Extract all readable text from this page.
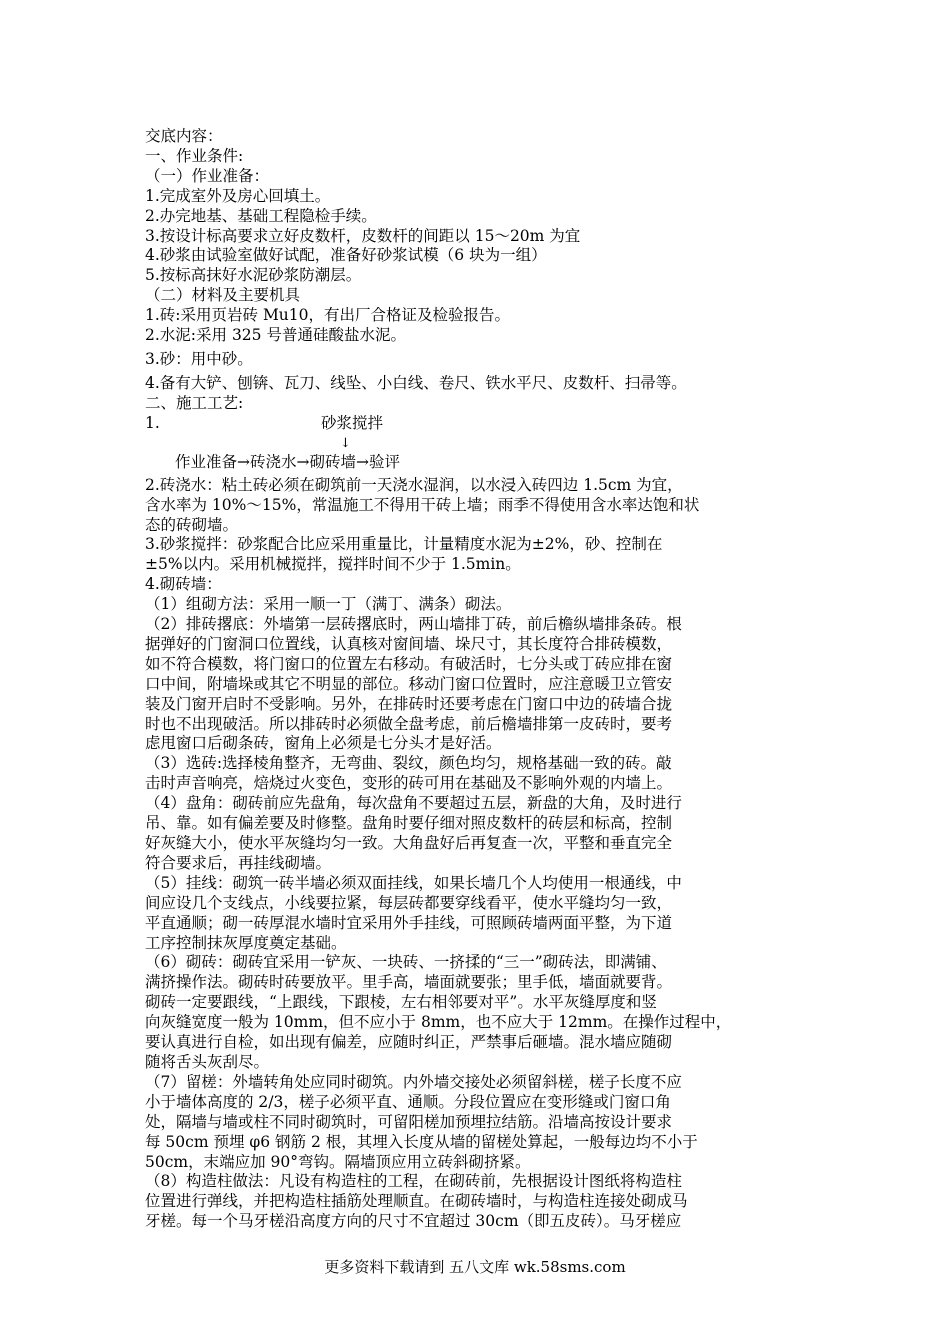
交底内容：
一、作业条件:
（一）作业准备：
1.完成室外及房心回填土。
2.办完地基、基础工程隐检手续。
3.按设计标高要求立好皮数杆，皮数杆的间距以 15～20m 为宜
4.砂浆由试验室做好试配，准备好砂浆试模（6 块为一组）
5.按标高抹好水泥砂浆防潮层。
（二）材料及主要机具
1.砖:采用页岩砖 Mu10，有出厂合格证及检验报告。
2.水泥:采用 325 号普通硅酸盐水泥。
3.砂：用中砂。
4.备有大铲、刨锛、瓦刀、线坠、小白线、卷尺、铁水平尺、皮数杆、扫帚等。
二、施工工艺:
1.	砂浆搅拌
↓
作业准备→砖浇水→砌砖墙→验评
2.砖浇水：粘土砖必须在砌筑前一天浇水湿润，以水浸入砖四边 1.5cm 为宜，
含水率为 10%～15%，常温施工不得用干砖上墙；雨季不得使用含水率达饱和状
态的砖砌墙。
3.砂浆搅拌：砂浆配合比应采用重量比，计量精度水泥为±2%，砂、控制在
±5%以内。采用机械搅拌，搅拌时间不少于 1.5min。
4.砌砖墙：
（1）组砌方法：采用一顺一丁（满丁、满条）砌法。
（2）排砖撂底：外墙第一层砖撂底时，两山墙排丁砖，前后檐纵墙排条砖。根
据弹好的门窗洞口位置线，认真核对窗间墙、垛尺寸，其长度符合排砖模数，
如不符合模数，将门窗口的位置左右移动。有破活时，七分头或丁砖应排在窗
口中间，附墙垛或其它不明显的部位。移动门窗口位置时，应注意暖卫立管安
装及门窗开启时不受影响。另外，在排砖时还要考虑在门窗口中边的砖墙合拢
时也不出现破活。所以排砖时必须做全盘考虑，前后檐墙排第一皮砖时，要考
虑甩窗口后砌条砖，窗角上必须是七分头才是好活。
（3）选砖:选择棱角整齐，无弯曲、裂纹，颜色均匀，规格基础一致的砖。敲
击时声音响亮，焙烧过火变色，变形的砖可用在基础及不影响外观的内墙上。
（4）盘角：砌砖前应先盘角，每次盘角不要超过五层，新盘的大角，及时进行
吊、靠。如有偏差要及时修整。盘角时要仔细对照皮数杆的砖层和标高，控制
好灰缝大小，使水平灰缝均匀一致。大角盘好后再复查一次，平整和垂直完全
符合要求后，再挂线砌墙。
（5）挂线：砌筑一砖半墙必须双面挂线，如果长墙几个人均使用一根通线，中
间应设几个支线点，小线要拉紧，每层砖都要穿线看平，使水平缝均匀一致，
平直通顺；砌一砖厚混水墙时宜采用外手挂线，可照顾砖墙两面平整，为下道
工序控制抹灰厚度奠定基础。
（6）砌砖：砌砖宜采用一铲灰、一块砖、一挤揉的“三一”砌砖法，即满铺、
满挤操作法。砌砖时砖要放平。里手高，墙面就要张；里手低，墙面就要背。
砌砖一定要跟线，“上跟线，下跟棱，左右相邻要对平”。水平灰缝厚度和竖
向灰缝宽度一般为 10mm，但不应小于 8mm，也不应大于 12mm。在操作过程中，
要认真进行自检，如出现有偏差，应随时纠正，严禁事后砸墙。混水墙应随砌
随将舌头灰刮尽。
（7）留槎：外墙转角处应同时砌筑。内外墙交接处必须留斜槎，槎子长度不应
小于墙体高度的 2/3，槎子必须平直、通顺。分段位置应在变形缝或门窗口角
处，隔墙与墙或柱不同时砌筑时，可留阳槎加预埋拉结筋。沿墙高按设计要求
每 50cm 预埋 φ6 钢筋 2 根，其埋入长度从墙的留槎处算起，一般每边均不小于
50cm，末端应加 90°弯钩。隔墙顶应用立砖斜砌挤紧。
（8）构造柱做法：凡设有构造柱的工程，在砌砖前，先根据设计图纸将构造柱
位置进行弹线，并把构造柱插筋处理顺直。在砌砖墙时，与构造柱连接处砌成马
牙槎。每一个马牙槎沿高度方向的尺寸不宜超过 30cm（即五皮砖）。马牙槎应
更多资料下载请到 五八文库 wk.58sms.com
